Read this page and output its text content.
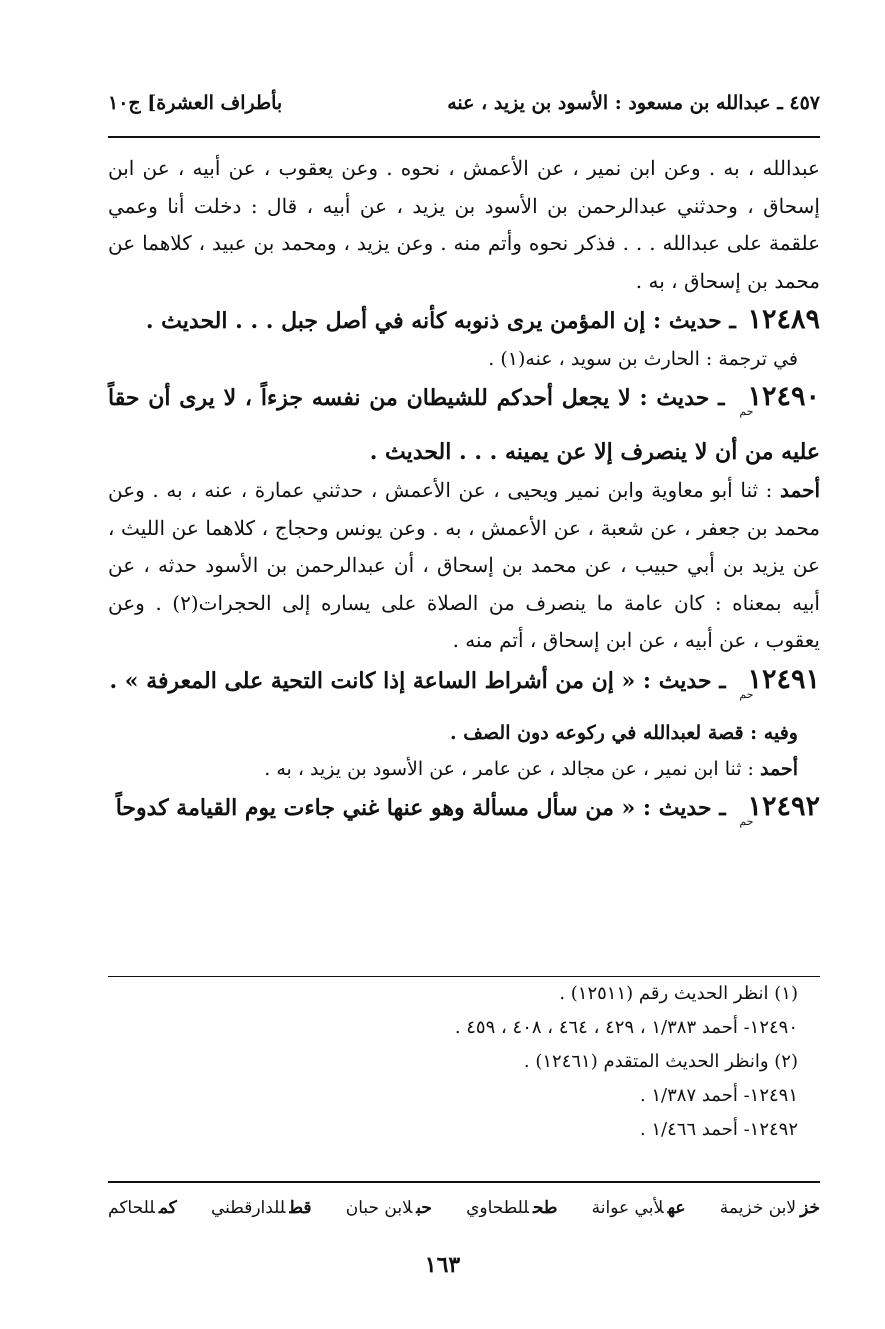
بأطراف العشرة] ج١٠	٤٥٧ ـ عبدالله بن مسعود : الأسود بن يزيد ، عنه

عبدالله ، به . وعن ابن نمير ، عن الأعمش ، نحوه . وعن يعقوب ، عن أبيه ، عن ابن إسحاق ، وحدثني عبدالرحمن بن الأسود بن يزيد ، عن أبيه ، قال : دخلت أنا وعمي علقمة على عبدالله . . . فذكر نحوه وأتم منه . وعن يزيد ، ومحمد بن عبيد ، كلاهما عن محمد بن إسحاق ، به .

١٢٤٨٩ ـ حديث : إن المؤمن يرى ذنوبه كأنه في أصل جبل . . . الحديث .

في ترجمة : الحارث بن سويد ، عنه(١) .

$١٢٤٩٠_{حم}$ ـ حديث : لا يجعل أحدكم للشيطان من نفسه جزءاً ، لا يرى أن حقاً عليه من أن لا ينصرف إلا عن يمينه . . . الحديث .

أحمد : ثنا أبو معاوية وابن نمير ويحيى ، عن الأعمش ، حدثني عمارة ، عنه ، به . وعن محمد بن جعفر ، عن شعبة ، عن الأعمش ، به . وعن يونس وحجاج ، كلاهما عن الليث ، عن يزيد بن أبي حبيب ، عن محمد بن إسحاق ، أن عبدالرحمن بن الأسود حدثه ، عن أبيه بمعناه : كان عامة ما ينصرف من الصلاة على يساره إلى الحجرات(٢) . وعن يعقوب ، عن أبيه ، عن ابن إسحاق ، أتم منه .

$١٢٤٩١_{حم}$ ـ حديث : « إن من أشراط الساعة إذا كانت التحية على المعرفة » .

وفيه : قصة لعبدالله في ركوعه دون الصف .

أحمد : ثنا ابن نمير ، عن مجالد ، عن عامر ، عن الأسود بن يزيد ، به .

$١٢٤٩٢_{حم}$ ـ حديث : « من سأل مسألة وهو عنها غني جاءت يوم القيامة كدوحاً

(١) انظر الحديث رقم (١٢٥١١) .

١٢٤٩٠- أحمد ١/٣٨٣ ، ٤٢٩ ، ٤٦٤ ، ٤٠٨ ، ٤٥٩ .

(٢) وانظر الحديث المتقدم (١٢٤٦١) .

١٢٤٩١- أحمد ١/٣٨٧ .

١٢٤٩٢- أحمد ١/٤٦٦ .

خزلابن خزيمة
عهلأبي عوانة
طحللطحاوي
حبلابن حبان
قطللدارقطني
كمللحاكم
١٦٣
